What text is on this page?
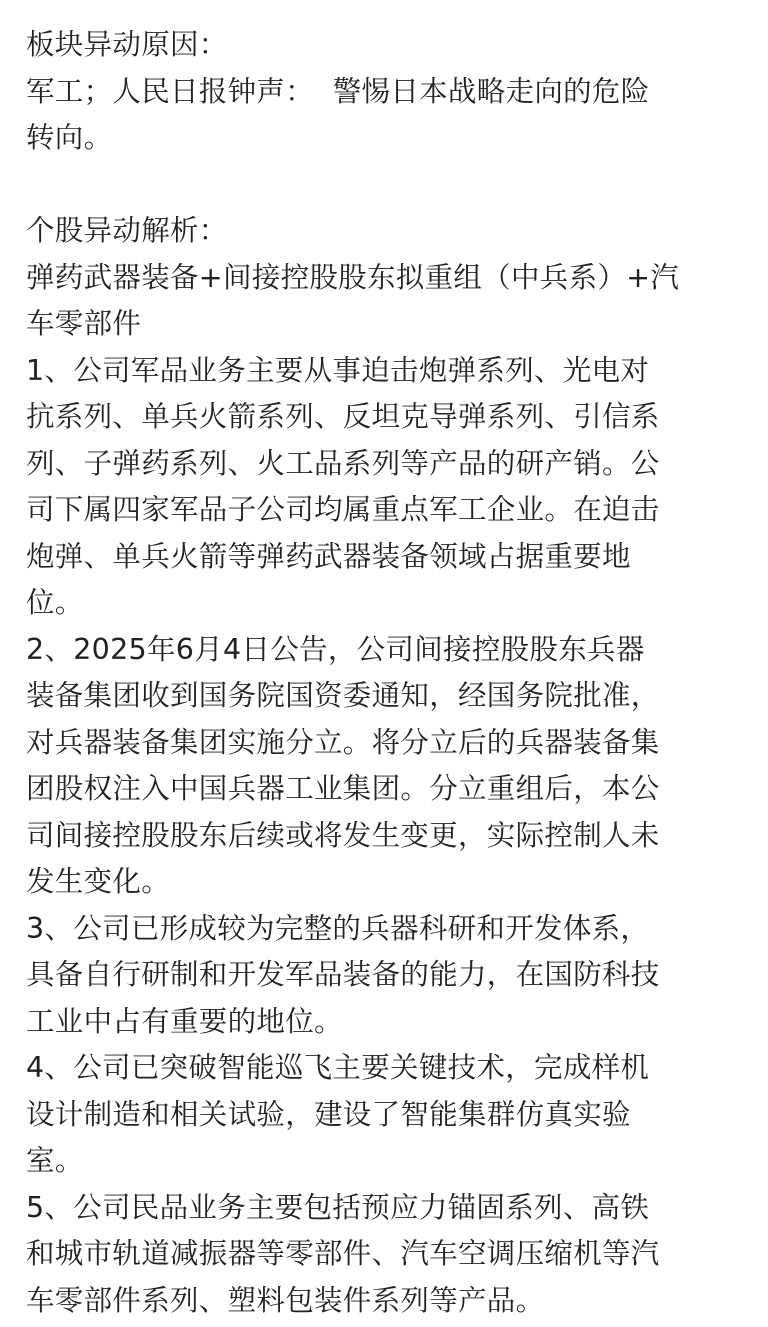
板块异动原因：
军工；人民日报钟声：  警惕日本战略走向的危险
转向。
个股异动解析：
弹药武器装备+间接控股股东拟重组（中兵系）+汽
车零部件
1、公司军品业务主要从事迫击炮弹系列、光电对
抗系列、单兵火箭系列、反坦克导弹系列、引信系
列、子弹药系列、火工品系列等产品的研产销。公
司下属四家军品子公司均属重点军工企业。在迫击
炮弹、单兵火箭等弹药武器装备领域占据重要地
位。
2、2025年6月4日公告，公司间接控股股东兵器
装备集团收到国务院国资委通知，经国务院批准，
对兵器装备集团实施分立。将分立后的兵器装备集
团股权注入中国兵器工业集团。分立重组后，本公
司间接控股股东后续或将发生变更，实际控制人未
发生变化。
3、公司已形成较为完整的兵器科研和开发体系，
具备自行研制和开发军品装备的能力，在国防科技
工业中占有重要的地位。
4、公司已突破智能巡飞主要关键技术，完成样机
设计制造和相关试验，建设了智能集群仿真实验
室。
5、公司民品业务主要包括预应力锚固系列、高铁
和城市轨道减振器等零部件、汽车空调压缩机等汽
车零部件系列、塑料包装件系列等产品。
